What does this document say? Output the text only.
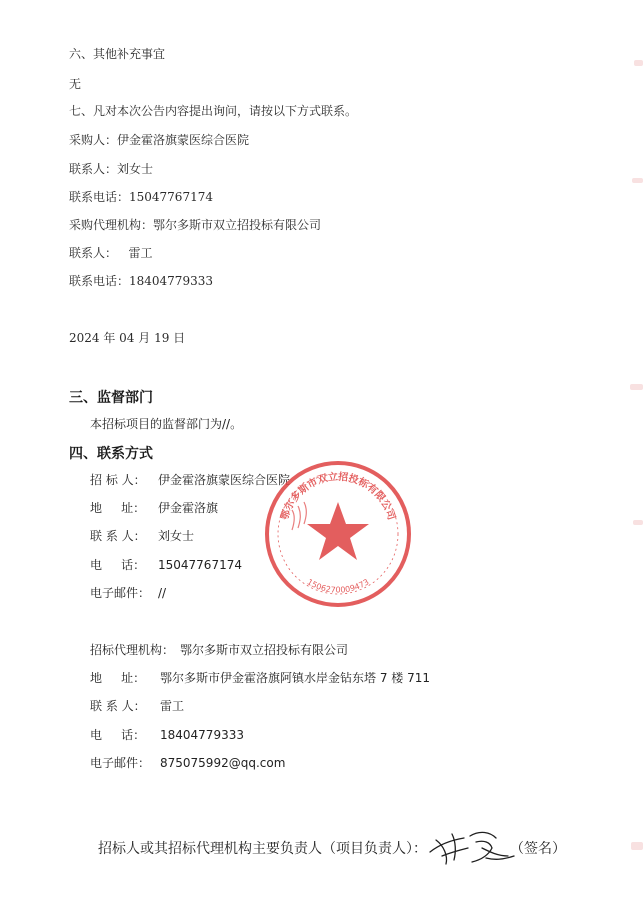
六、其他补充事宜
无
七、凡对本次公告内容提出询问，请按以下方式联系。
采购人：伊金霍洛旗蒙医综合医院
联系人：刘女士
联系电话：15047767174
采购代理机构：鄂尔多斯市双立招投标有限公司
联系人：   雷工
联系电话：18404779333
2024 年 04 月 19 日
三、监督部门
本招标项目的监督部门为//。
四、联系方式
招 标 人： 伊金霍洛旗蒙医综合医院
地     址： 伊金霍洛旗
联 系 人： 刘女士
电     话： 15047767174
电子邮件： //
招标代理机构： 鄂尔多斯市双立招投标有限公司
地     址： 鄂尔多斯市伊金霍洛旗阿镇水岸金钻东塔 7 楼 711
联 系 人： 雷工
电     话： 18404779333
电子邮件： 875075992@qq.com
招标人或其招标代理机构主要负责人（项目负责人）：	（签名）
鄂尔多斯市双立招投标有限公司
1506270009473
